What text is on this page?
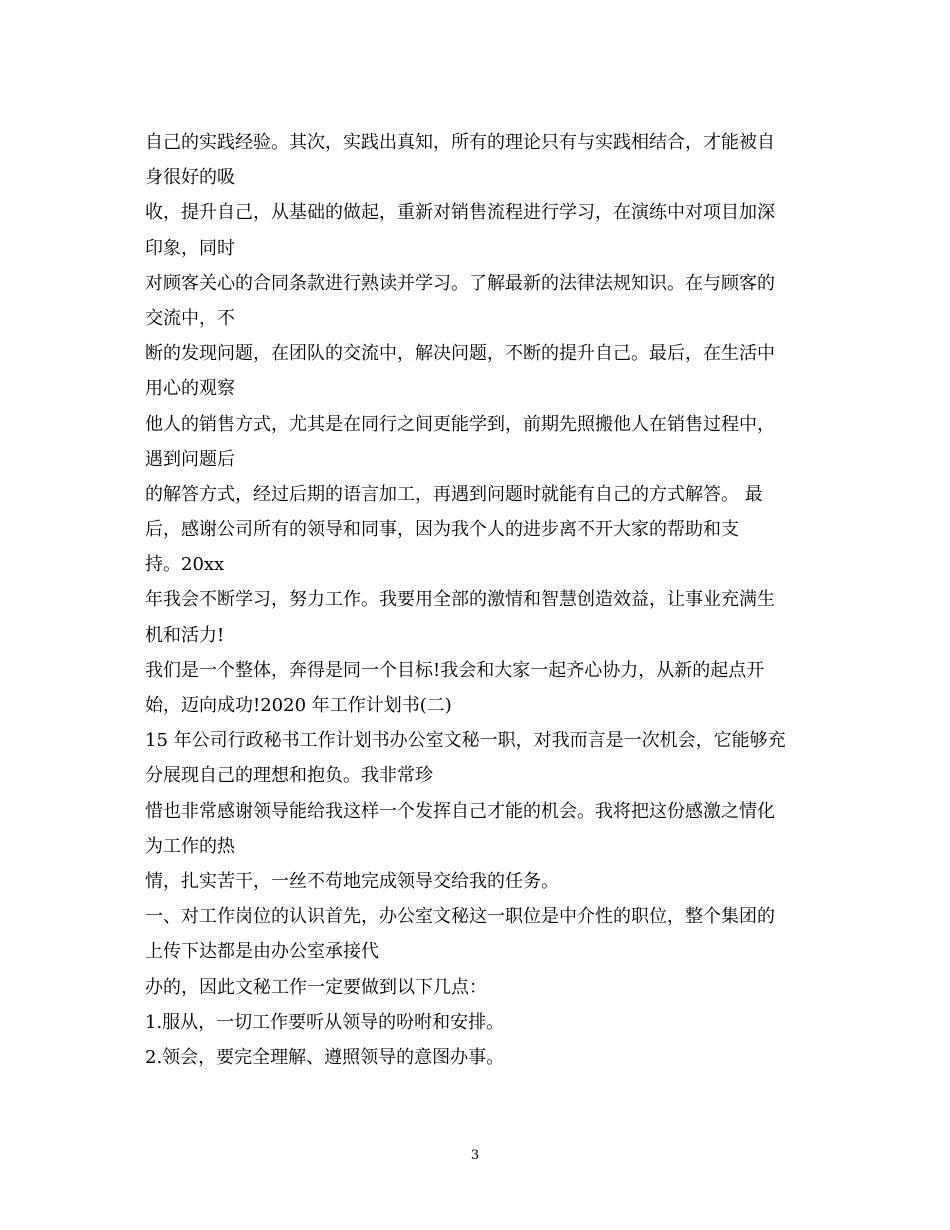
自己的实践经验。其次，实践出真知，所有的理论只有与实践相结合，才能被自
身很好的吸
收，提升自己，从基础的做起，重新对销售流程进行学习，在演练中对项目加深
印象，同时
对顾客关心的合同条款进行熟读并学习。了解最新的法律法规知识。在与顾客的
交流中，不
断的发现问题，在团队的交流中，解决问题，不断的提升自己。最后，在生活中
用心的观察
他人的销售方式，尤其是在同行之间更能学到，前期先照搬他人在销售过程中，
遇到问题后
的解答方式，经过后期的语言加工，再遇到问题时就能有自己的方式解答。 最
后，感谢公司所有的领导和同事，因为我个人的进步离不开大家的帮助和支
持。20xx
年我会不断学习，努力工作。我要用全部的激情和智慧创造效益，让事业充满生
机和活力!
我们是一个整体，奔得是同一个目标!我会和大家一起齐心协力，从新的起点开
始，迈向成功!2020 年工作计划书(二)
15 年公司行政秘书工作计划书办公室文秘一职，对我而言是一次机会，它能够充
分展现自己的理想和抱负。我非常珍
惜也非常感谢领导能给我这样一个发挥自己才能的机会。我将把这份感激之情化
为工作的热
情，扎实苦干，一丝不苟地完成领导交给我的任务。
一、对工作岗位的认识首先，办公室文秘这一职位是中介性的职位，整个集团的
上传下达都是由办公室承接代
办的，因此文秘工作一定要做到以下几点：
1.服从，一切工作要听从领导的吩咐和安排。
2.领会，要完全理解、遵照领导的意图办事。
3
